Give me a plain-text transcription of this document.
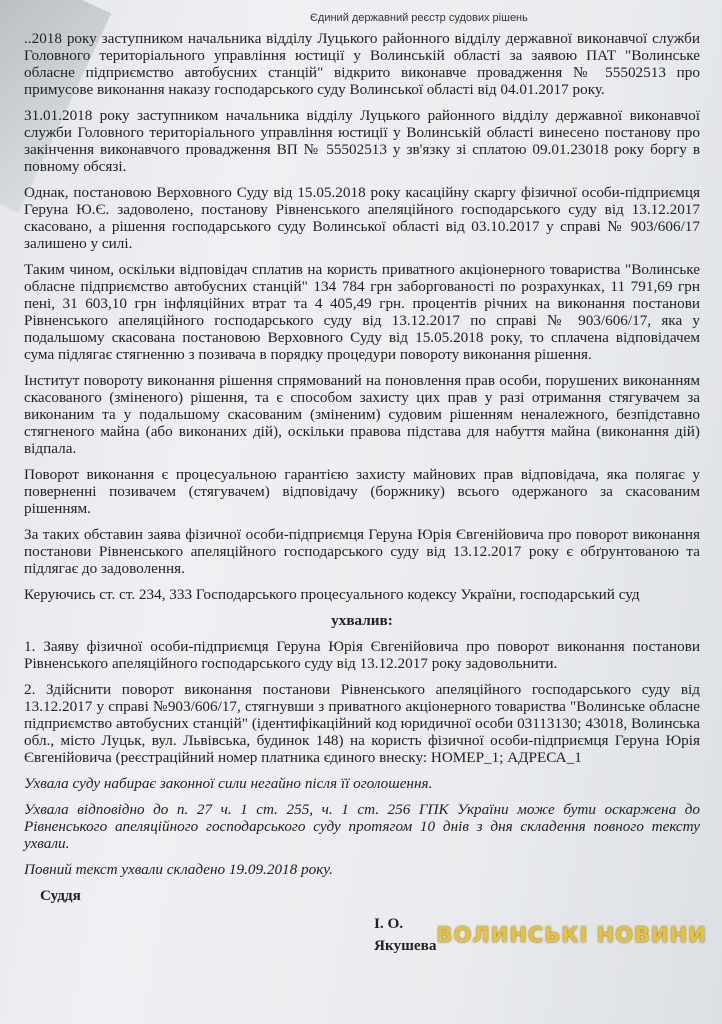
Єдиний державний реєстр судових рішень
..2018 року заступником начальника відділу Луцького районного відділу державної виконавчої служби Головного територіального управління юстиції у Волинській області за заявою ПАТ "Волинське обласне підприємство автобусних станцій" відкрито виконавче провадження № 55502513 про примусове виконання наказу господарського суду Волинської області від 04.01.2017 року.
31.01.2018 року заступником начальника відділу Луцького районного відділу державної виконавчої служби Головного територіального управління юстиції у Волинській області винесено постанову про закінчення виконавчого провадження ВП № 55502513 у зв'язку зі сплатою 09.01.23018 року боргу в повному обсязі.
Однак, постановою Верховного Суду від 15.05.2018 року касаційну скаргу фізичної особи-підприємця Геруна Ю.Є. задоволено, постанову Рівненського апеляційного господарського суду від 13.12.2017 скасовано, а рішення господарського суду Волинської області від 03.10.2017 у справі № 903/606/17 залишено у силі.
Таким чином, оскільки відповідач сплатив на користь приватного акціонерного товариства "Волинське обласне підприємство автобусних станцій" 134 784 грн заборгованості по розрахунках, 11 791,69 грн пені, 31 603,10 грн інфляційних втрат та 4 405,49 грн. процентів річних на виконання постанови Рівненського апеляційного господарського суду від 13.12.2017 по справі № 903/606/17, яка у подальшому скасована постановою Верховного Суду від 15.05.2018 року, то сплачена відповідачем сума підлягає стягненню з позивача в порядку процедури повороту виконання рішення.
Інститут повороту виконання рішення спрямований на поновлення прав особи, порушених виконанням скасованого (зміненого) рішення, та є способом захисту цих прав у разі отримання стягувачем за виконаним та у подальшому скасованим (зміненим) судовим рішенням неналежного, безпідставно стягненого майна (або виконаних дій), оскільки правова підстава для набуття майна (виконання дій) відпала.
Поворот виконання є процесуальною гарантією захисту майнових прав відповідача, яка полягає у поверненні позивачем (стягувачем) відповідачу (боржнику) всього одержаного за скасованим рішенням.
За таких обставин заява фізичної особи-підприємця Геруна Юрія Євгенійовича про поворот виконання постанови Рівненського апеляційного господарського суду від 13.12.2017 року є обґрунтованою та підлягає до задоволення.
Керуючись ст. ст. 234, 333 Господарського процесуального кодексу України, господарський суд
ухвалив:
1. Заяву фізичної особи-підприємця Геруна Юрія Євгенійовича про поворот виконання постанови Рівненського апеляційного господарського суду від 13.12.2017 року задовольнити.
2. Здійснити поворот виконання постанови Рівненського апеляційного господарського суду від 13.12.2017 у справі №903/606/17, стягнувши з приватного акціонерного товариства "Волинське обласне підприємство автобусних станцій" (ідентифікаційний код юридичної особи 03113130; 43018, Волинська обл., місто Луцьк, вул. Львівська, будинок 148) на користь фізичної особи-підприємця Геруна Юрія Євгенійовича (реєстраційний номер платника єдиного внеску: НОМЕР_1; АДРЕСА_1
Ухвала суду набирає законної сили негайно після її оголошення.
Ухвала відповідно до п. 27 ч. 1 ст. 255, ч. 1 ст. 256 ГПК України може бути оскаржена до Рівненського апеляційного господарського суду протягом 10 днів з дня складення повного тексту ухвали.
Повний текст ухвали складено 19.09.2018 року.
Суддя
І. О. Якушева ВОЛИНСЬКІ НОВИНИ
